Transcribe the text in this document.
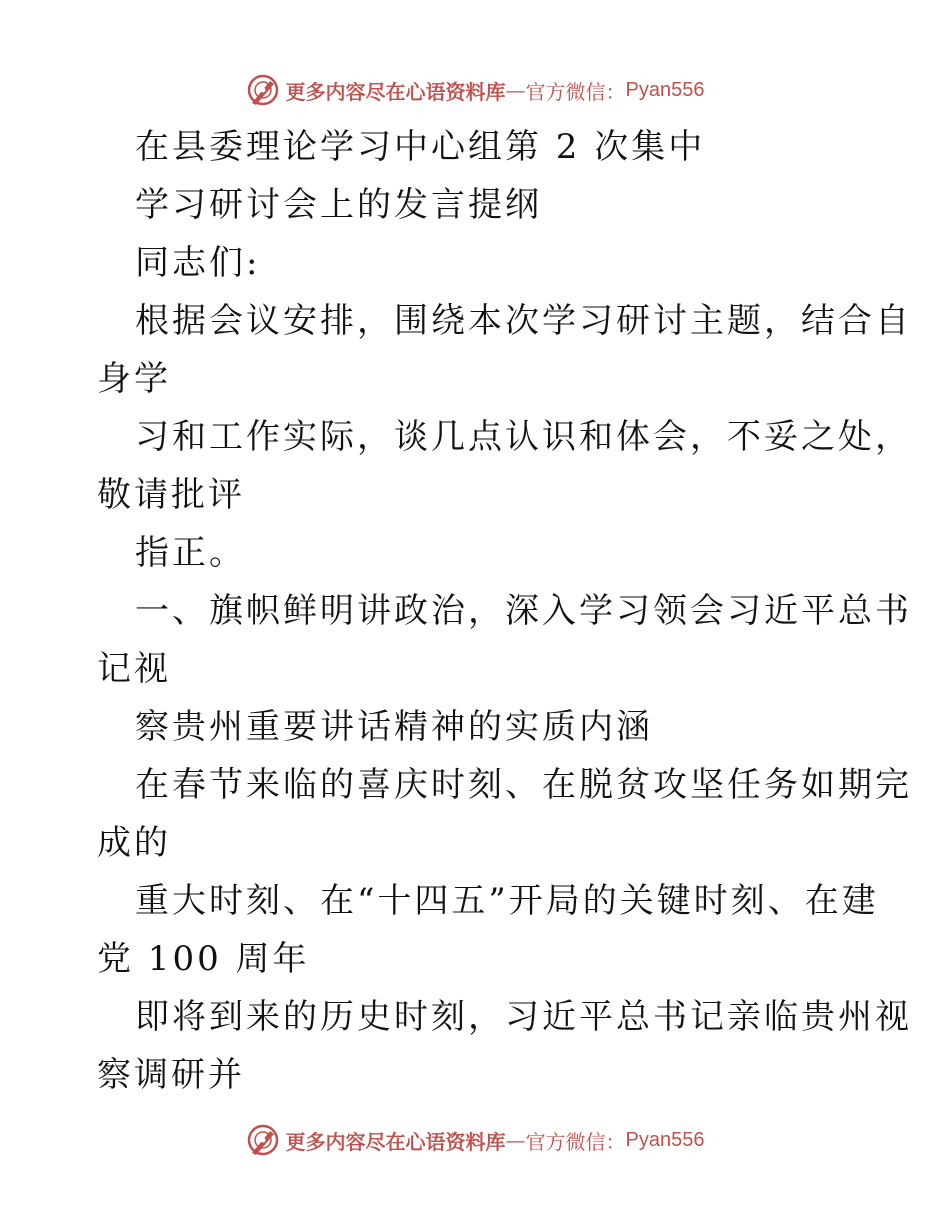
更多内容尽在心语资料库 — 官方微信： Pyan556
在县委理论学习中心组第 2 次集中
学习研讨会上的发言提纲
同志们:
根据会议安排，围绕本次学习研讨主题，结合自
身学
习和工作实际，谈几点认识和体会，不妥之处，
敬请批评
指正。
一、旗帜鲜明讲政治，深入学习领会习近平总书
记视
察贵州重要讲话精神的实质内涵
在春节来临的喜庆时刻、在脱贫攻坚任务如期完
成的
重大时刻、在“十四五”开局的关键时刻、在建
党 100 周年
即将到来的历史时刻，习近平总书记亲临贵州视
察调研并
更多内容尽在心语资料库 — 官方微信： Pyan556
